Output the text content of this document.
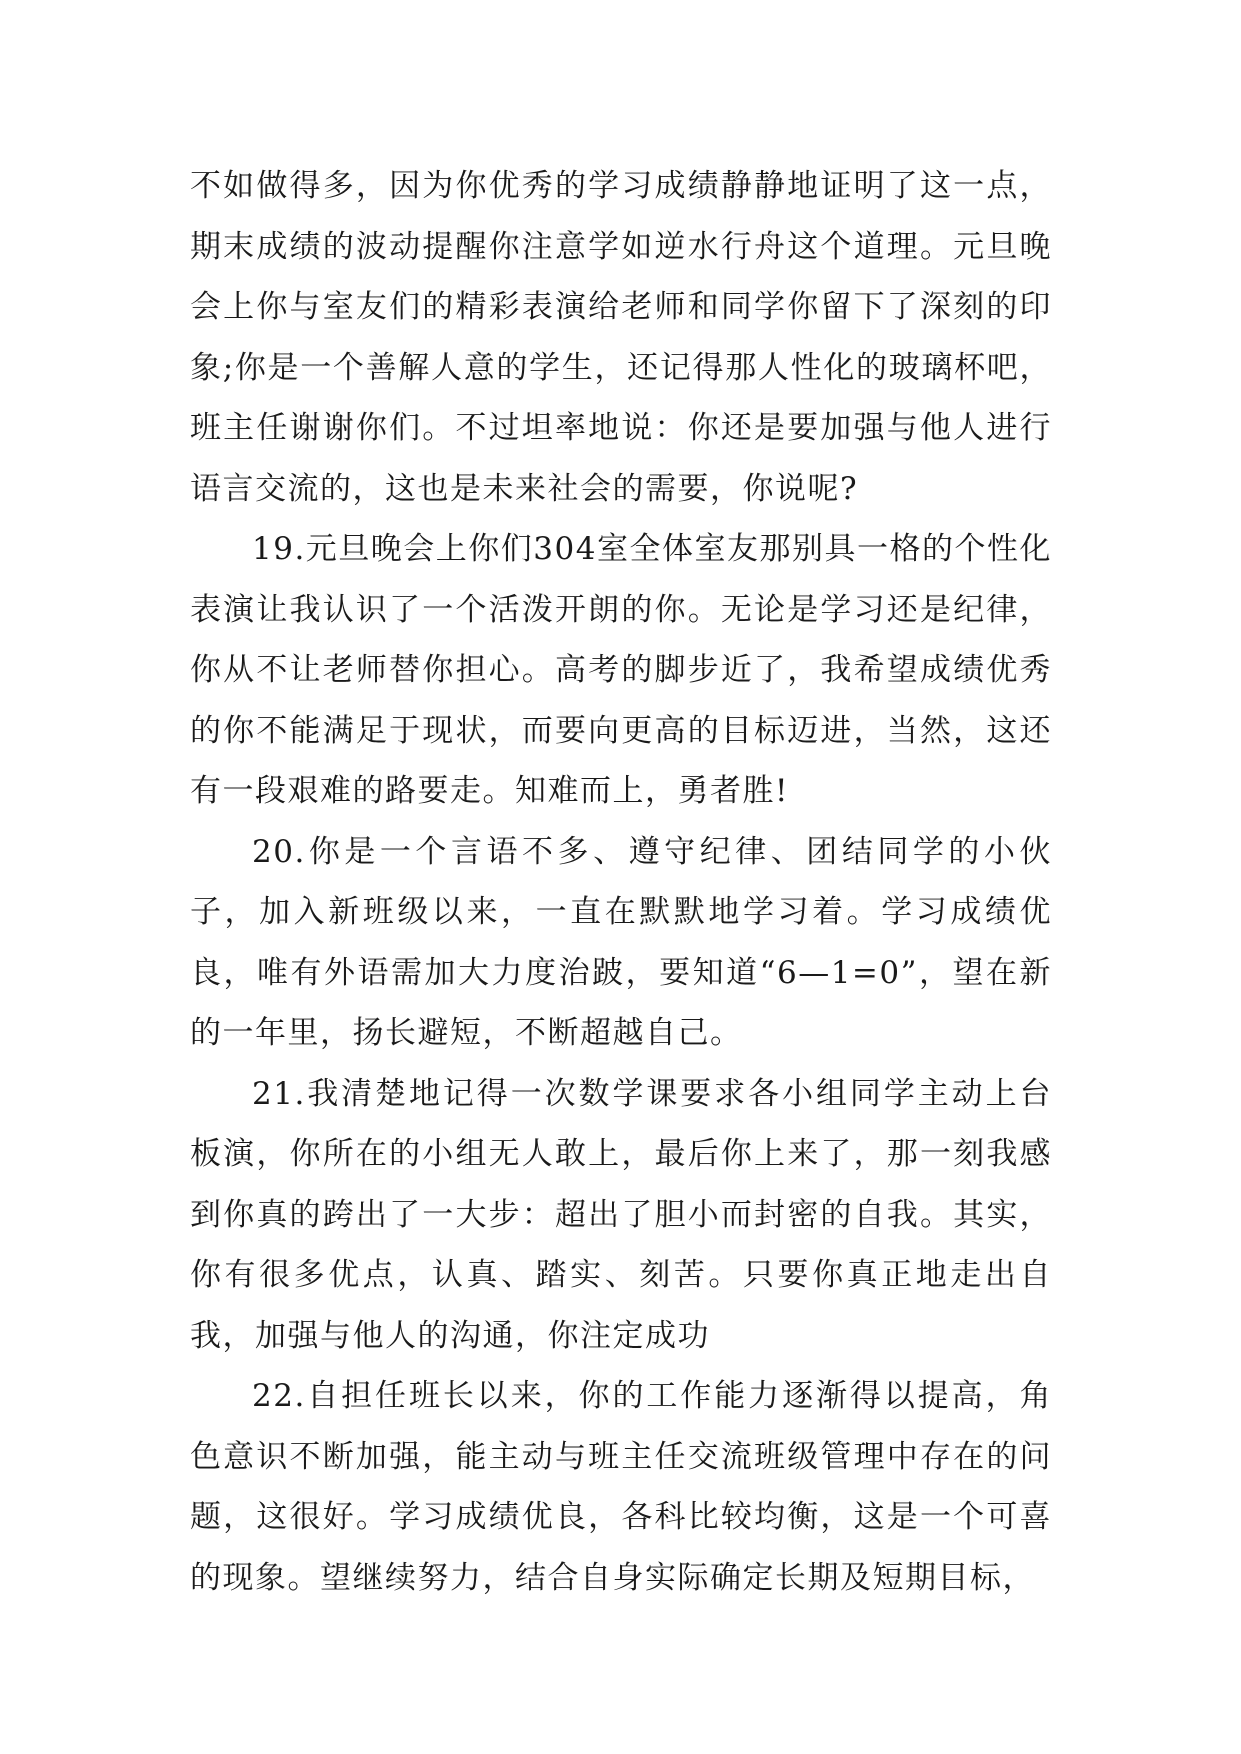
不如做得多，因为你优秀的学习成绩静静地证明了这一点，期末成绩的波动提醒你注意学如逆水行舟这个道理。元旦晚会上你与室友们的精彩表演给老师和同学你留下了深刻的印象;你是一个善解人意的学生，还记得那人性化的玻璃杯吧，班主任谢谢你们。不过坦率地说：你还是要加强与他人进行语言交流的，这也是未来社会的需要，你说呢?

19.元旦晚会上你们304室全体室友那别具一格的个性化表演让我认识了一个活泼开朗的你。无论是学习还是纪律，你从不让老师替你担心。高考的脚步近了，我希望成绩优秀的你不能满足于现状，而要向更高的目标迈进，当然，这还有一段艰难的路要走。知难而上，勇者胜!

20.你是一个言语不多、遵守纪律、团结同学的小伙子，加入新班级以来，一直在默默地学习着。学习成绩优良，唯有外语需加大力度治跛，要知道“6—1=0”，望在新的一年里，扬长避短，不断超越自己。

21.我清楚地记得一次数学课要求各小组同学主动上台板演，你所在的小组无人敢上，最后你上来了，那一刻我感到你真的跨出了一大步：超出了胆小而封密的自我。其实，你有很多优点，认真、踏实、刻苦。只要你真正地走出自我，加强与他人的沟通，你注定成功

22.自担任班长以来，你的工作能力逐渐得以提高，角色意识不断加强，能主动与班主任交流班级管理中存在的问题，这很好。学习成绩优良，各科比较均衡，这是一个可喜的现象。望继续努力，结合自身实际确定长期及短期目标，
